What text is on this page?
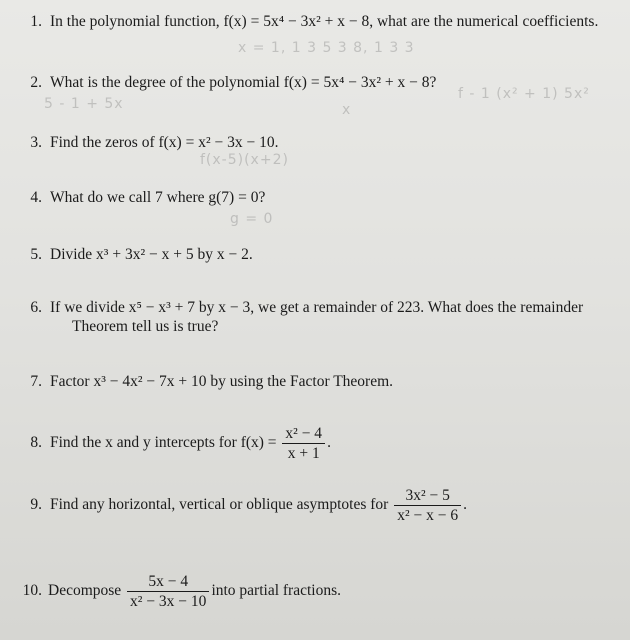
x = 1, 1 3 5 3 8, 1 3 3
5 - 1 + 5x
f - 1 (x² + 1) 5x²
f(x-5)(x+2)
g = 0
x
1. In the polynomial function, f(x) = 5x⁴ − 3x² + x − 8, what are the numerical coefficients.
2. What is the degree of the polynomial f(x) = 5x⁴ − 3x² + x − 8?
3. Find the zeros of f(x) = x² − 3x − 10.
4. What do we call 7 where g(7) = 0?
5. Divide x³ + 3x² − x + 5 by x − 2.
6. If we divide x⁵ − x³ + 7 by x − 3, we get a remainder of 223. What does the remainder
Theorem tell us is true?
7. Factor x³ − 4x² − 7x + 10 by using the Factor Theorem.
8. Find the x and y intercepts for $f(x) = \frac{\text{x² − 4}}{x + 1}$ .
9. Find any horizontal, vertical or oblique asymptotes for $\frac{\text{3x² − 5}}{\text{x² − x − 6}}$ .
10. Decompose $\frac{5x - 4}{\text{x² − 3x − 10}}$ into partial fractions.
